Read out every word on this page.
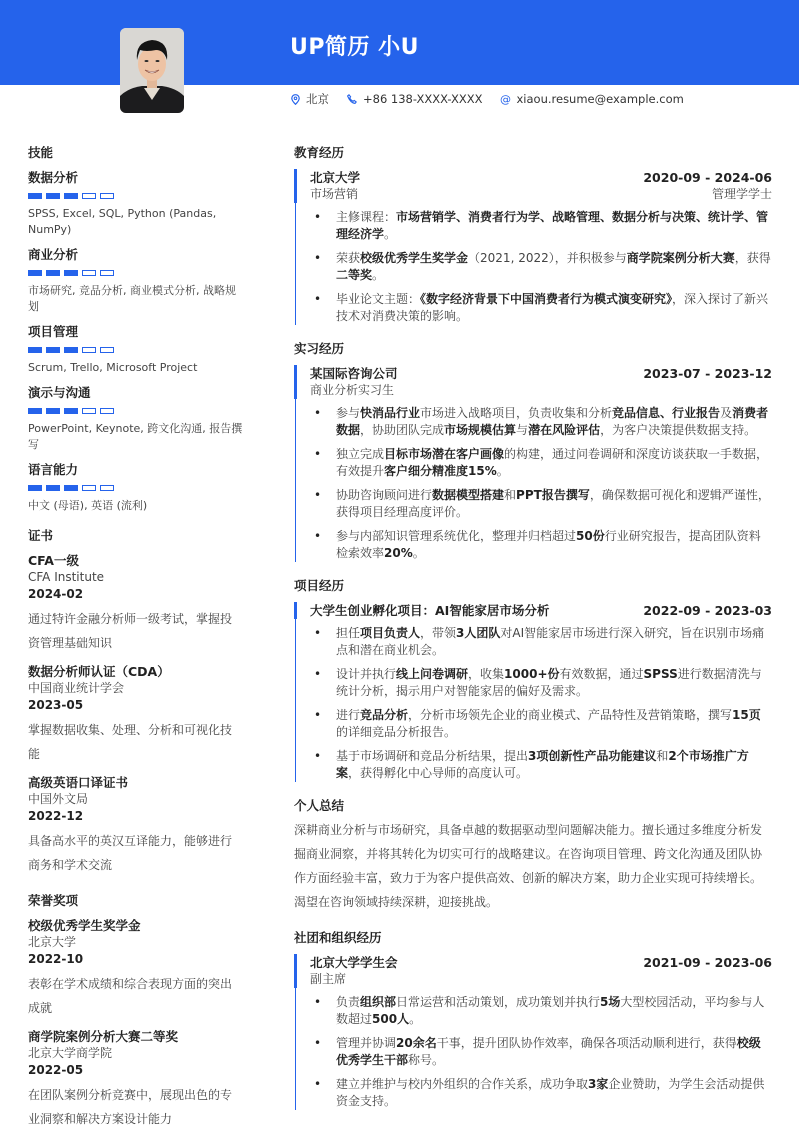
UP简历 小U
北京	+86 138-XXXX-XXXX @ xiaou.resume@example.com
技能
数据分析
SPSS, Excel, SQL, Python (Pandas, NumPy)
商业分析
市场研究, 竞品分析, 商业模式分析, 战略规划
项目管理
Scrum, Trello, Microsoft Project
演示与沟通
PowerPoint, Keynote, 跨文化沟通, 报告撰写
语言能力
中文 (母语), 英语 (流利)
证书
CFA一级
CFA Institute
2024-02
通过特许金融分析师一级考试，掌握投资管理基础知识
数据分析师认证（CDA）
中国商业统计学会
2023-05
掌握数据收集、处理、分析和可视化技能
高级英语口译证书
中国外文局
2022-12
具备高水平的英汉互译能力，能够进行商务和学术交流
荣誉奖项
校级优秀学生奖学金
北京大学
2022-10
表彰在学术成绩和综合表现方面的突出成就
商学院案例分析大赛二等奖
北京大学商学院
2022-05
在团队案例分析竞赛中，展现出色的专业洞察和解决方案设计能力
教育经历
北京大学	2020-09 - 2024-06
市场营销	管理学学士
• 主修课程：市场营销学、消费者行为学、战略管理、数据分析与决策、统计学、管理经济学。
• 荣获校级优秀学生奖学金（2021, 2022），并积极参与商学院案例分析大赛，获得二等奖。
• 毕业论文主题：《数字经济背景下中国消费者行为模式演变研究》，深入探讨了新兴技术对消费决策的影响。
实习经历
某国际咨询公司	2023-07 - 2023-12
商业分析实习生
• 参与快消品行业市场进入战略项目，负责收集和分析竞品信息、行业报告及消费者数据，协助团队完成市场规模估算与潜在风险评估，为客户决策提供数据支持。
• 独立完成目标市场潜在客户画像的构建，通过问卷调研和深度访谈获取一手数据，有效提升客户细分精准度15%。
• 协助咨询顾问进行数据模型搭建和PPT报告撰写，确保数据可视化和逻辑严谨性，获得项目经理高度评价。
• 参与内部知识管理系统优化，整理并归档超过50份行业研究报告，提高团队资料检索效率20%。
项目经历
大学生创业孵化项目：AI智能家居市场分析	2022-09 - 2023-03
• 担任项目负责人，带领3人团队对AI智能家居市场进行深入研究，旨在识别市场痛点和潜在商业机会。
• 设计并执行线上问卷调研，收集1000+份有效数据，通过SPSS进行数据清洗与统计分析，揭示用户对智能家居的偏好及需求。
• 进行竞品分析，分析市场领先企业的商业模式、产品特性及营销策略，撰写15页的详细竞品分析报告。
• 基于市场调研和竞品分析结果，提出3项创新性产品功能建议和2个市场推广方案，获得孵化中心导师的高度认可。
个人总结
深耕商业分析与市场研究，具备卓越的数据驱动型问题解决能力。擅长通过多维度分析发掘商业洞察，并将其转化为切实可行的战略建议。在咨询项目管理、跨文化沟通及团队协作方面经验丰富，致力于为客户提供高效、创新的解决方案，助力企业实现可持续增长。渴望在咨询领域持续深耕，迎接挑战。
社团和组织经历
北京大学学生会	2021-09 - 2023-06
副主席
• 负责组织部日常运营和活动策划，成功策划并执行5场大型校园活动，平均参与人数超过500人。
• 管理并协调20余名干事，提升团队协作效率，确保各项活动顺利进行，获得校级优秀学生干部称号。
• 建立并维护与校内外组织的合作关系，成功争取3家企业赞助，为学生会活动提供资金支持。
